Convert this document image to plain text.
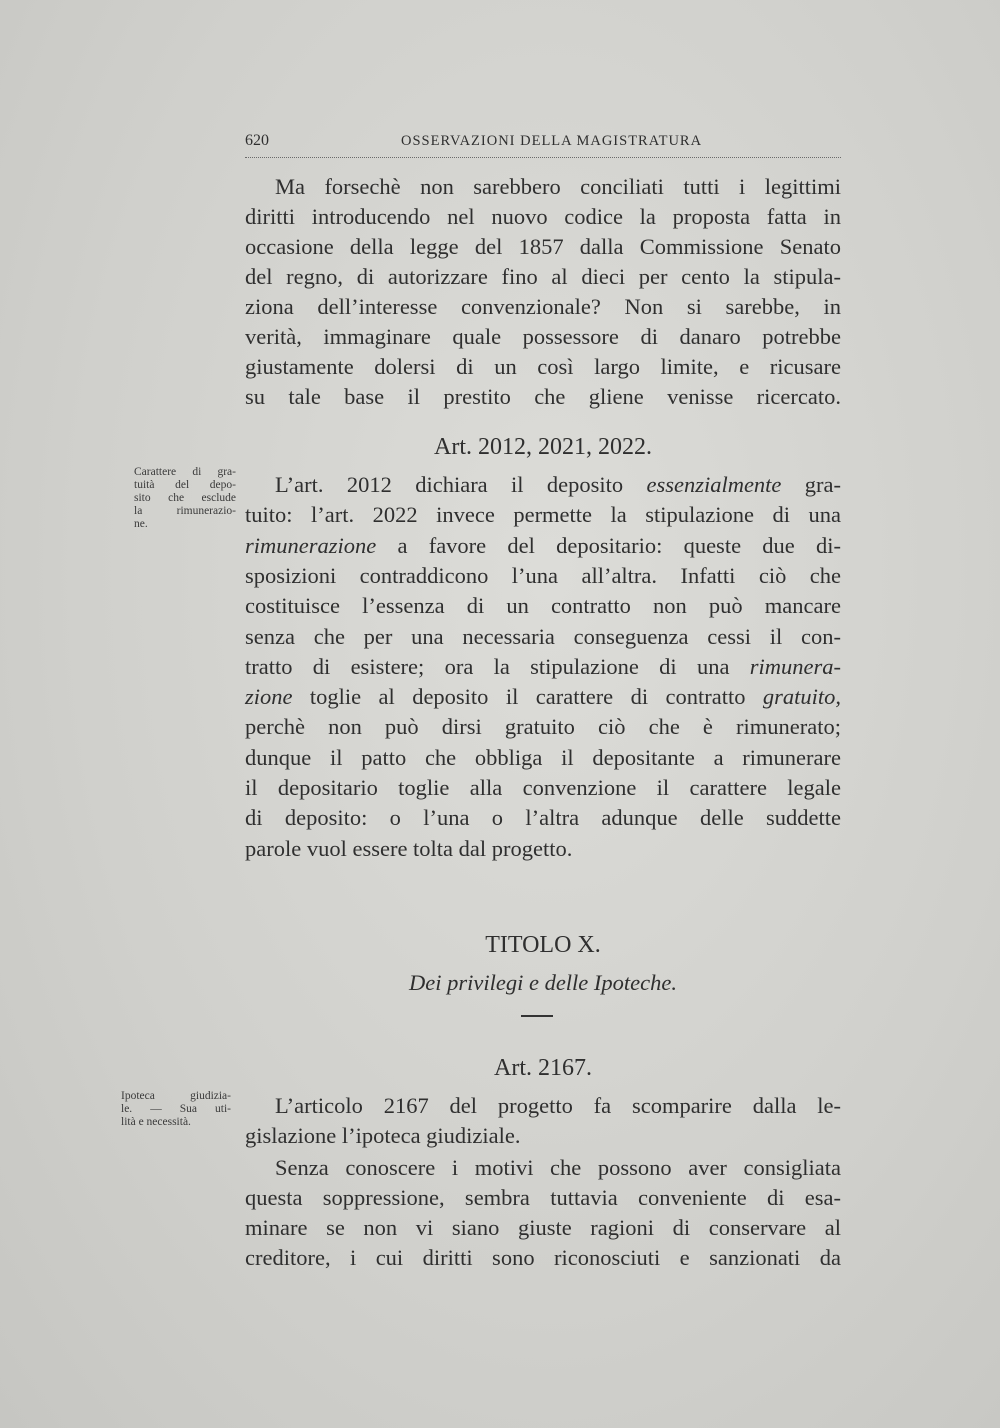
620	OSSERVAZIONI DELLA MAGISTRATURA
Ma forsechè non sarebbero conciliati tutti i legittimi
diritti introducendo nel nuovo codice la proposta fatta in
occasione della legge del 1857 dalla Commissione Senato
del regno, di autorizzare fino al dieci per cento la stipula-
ziona dell’interesse convenzionale? Non si sarebbe, in
verità, immaginare quale possessore di danaro potrebbe
giustamente dolersi di un così largo limite, e ricusare
su tale base il prestito che gliene venisse ricercato.
Art. 2012, 2021, 2022.
Carattere di gra-
tuità del depo-
sito che esclude
la rimunerazio-
ne.
L’art. 2012 dichiara il deposito essenzialmente gra-
tuito: l’art. 2022 invece permette la stipulazione di una
rimunerazione a favore del depositario: queste due di-
sposizioni contraddicono l’una all’altra. Infatti ciò che
costituisce l’essenza di un contratto non può mancare
senza che per una necessaria conseguenza cessi il con-
tratto di esistere; ora la stipulazione di una rimunera-
zione toglie al deposito il carattere di contratto gratuito,
perchè non può dirsi gratuito ciò che è rimunerato;
dunque il patto che obbliga il depositante a rimunerare
il depositario toglie alla convenzione il carattere legale
di deposito: o l’una o l’altra adunque delle suddette
parole vuol essere tolta dal progetto.
TITOLO X.
Dei privilegi e delle Ipoteche.
Art. 2167.
Ipoteca giudizia-
le. — Sua uti-
lità e necessità.
L’articolo 2167 del progetto fa scomparire dalla le-
gislazione l’ipoteca giudiziale.
Senza conoscere i motivi che possono aver consigliata
questa soppressione, sembra tuttavia conveniente di esa-
minare se non vi siano giuste ragioni di conservare al
creditore, i cui diritti sono riconosciuti e sanzionati da
